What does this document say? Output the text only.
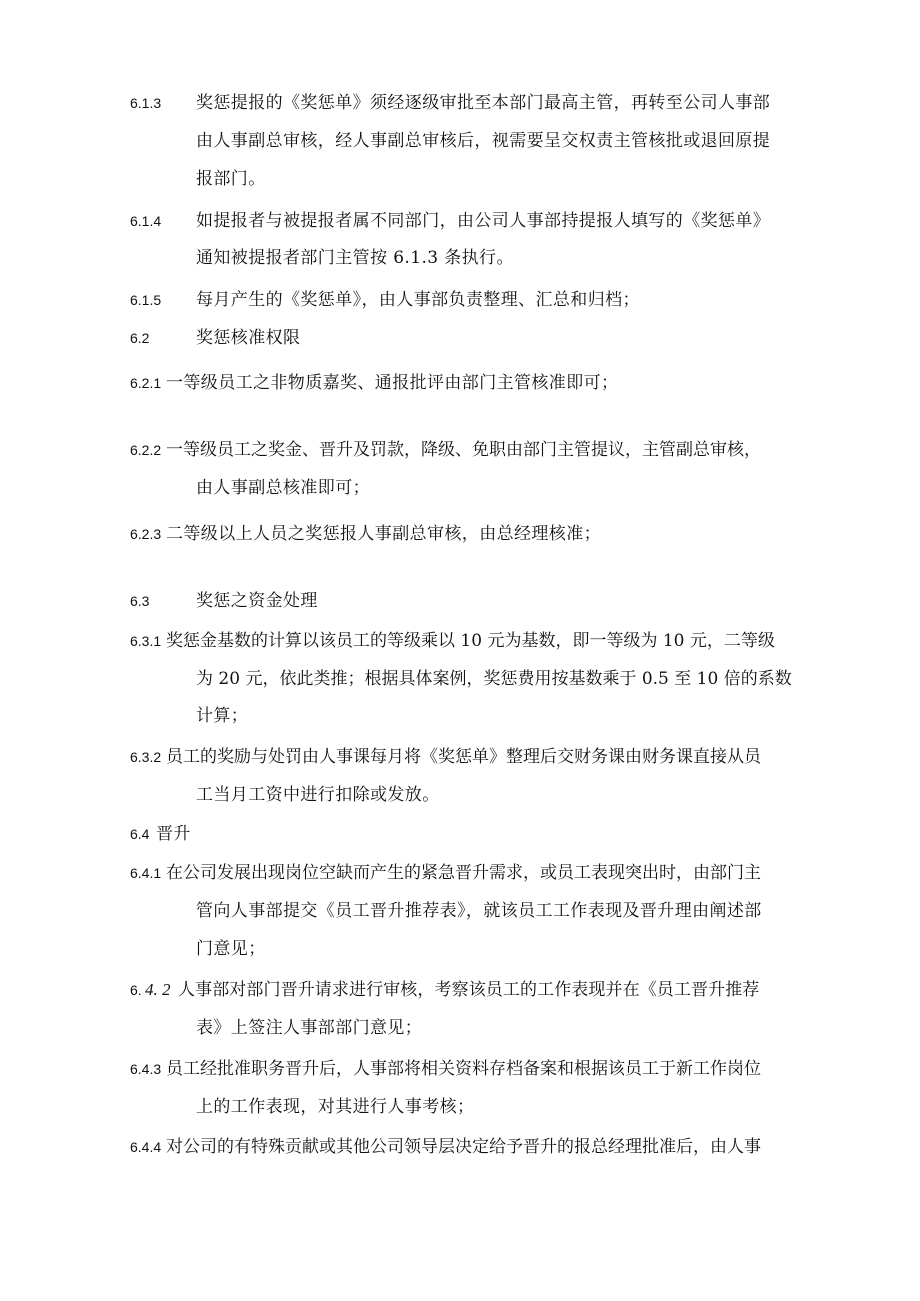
6.1.3 奖惩提报的《奖惩单》须经逐级审批至本部门最高主管，再转至公司人事部
由人事副总审核，经人事副总审核后，视需要呈交权责主管核批或退回原提
报部门。
6.1.4 如提报者与被提报者属不同部门，由公司人事部持提报人填写的《奖惩单》
通知被提报者部门主管按 6.1.3 条执行。
6.1.5 每月产生的《奖惩单》，由人事部负责整理、汇总和归档；
6.2	奖惩核准权限
6.2.1 一等级员工之非物质嘉奖、通报批评由部门主管核准即可；
6.2.2 一等级员工之奖金、晋升及罚款，降级、免职由部门主管提议，主管副总审核，
由人事副总核准即可；
6.2.3 二等级以上人员之奖惩报人事副总审核，由总经理核准；
6.3	奖惩之资金处理
6.3.1 奖惩金基数的计算以该员工的等级乘以 10 元为基数，即一等级为 10 元，二等级
为 20 元，依此类推；根据具体案例，奖惩费用按基数乘于 0.5 至 10 倍的系数
计算；
6.3.2 员工的奖励与处罚由人事课每月将《奖惩单》整理后交财务课由财务课直接从员
工当月工资中进行扣除或发放。
6.4 晋升
6.4.1 在公司发展出现岗位空缺而产生的紧急晋升需求，或员工表现突出时，由部门主
管向人事部提交《员工晋升推荐表》，就该员工工作表现及晋升理由阐述部
门意见；
6. 4. 2 人事部对部门晋升请求进行审核，考察该员工的工作表现并在《员工晋升推荐
表》上签注人事部部门意见；
6.4.3 员工经批准职务晋升后，人事部将相关资料存档备案和根据该员工于新工作岗位
上的工作表现，对其进行人事考核；
6.4.4 对公司的有特殊贡献或其他公司领导层决定给予晋升的报总经理批准后，由人事
